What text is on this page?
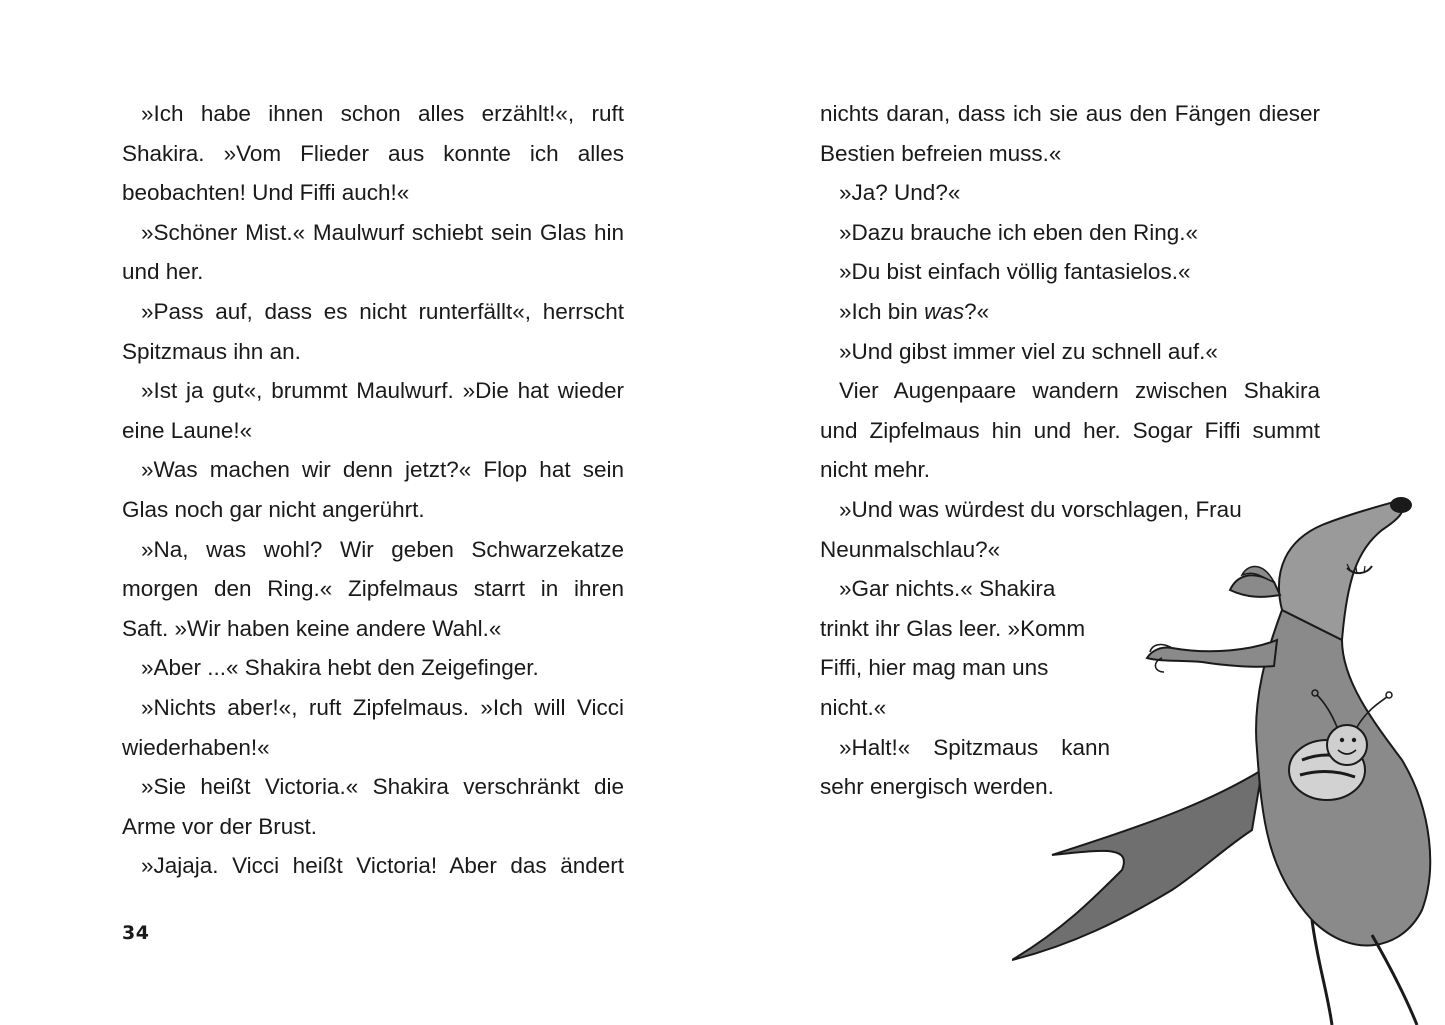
»Ich habe ihnen schon alles erzählt!«, ruft
Shakira. »Vom Flieder aus konnte ich alles
beobachten! Und Fiffi auch!«

»Schöner Mist.« Maulwurf schiebt sein Glas hin
und her.

»Pass auf, dass es nicht runterfällt«, herrscht
Spitzmaus ihn an.

»Ist ja gut«, brummt Maulwurf. »Die hat wieder
eine Laune!«

»Was machen wir denn jetzt?« Flop hat sein
Glas noch gar nicht angerührt.

»Na, was wohl? Wir geben Schwarzekatze
morgen den Ring.« Zipfelmaus starrt in ihren
Saft. »Wir haben keine andere Wahl.«

»Aber ...« Shakira hebt den Zeigefinger.

»Nichts aber!«, ruft Zipfelmaus. »Ich will Vicci
wiederhaben!«

»Sie heißt Victoria.« Shakira verschränkt die
Arme vor der Brust.

»Jajaja. Vicci heißt Victoria! Aber das ändert

34

nichts daran, dass ich sie aus den Fängen dieser
Bestien befreien muss.«

»Ja? Und?«

»Dazu brauche ich eben den Ring.«

»Du bist einfach völlig fantasielos.«

»Ich bin was?«

»Und gibst immer viel zu schnell auf.«

Vier Augenpaare wandern zwischen Shakira
und Zipfelmaus hin und her. Sogar Fiffi summt
nicht mehr.

»Und was würdest du vorschlagen, Frau
Neunmalschlau?«

»Gar nichts.« Shakira
trinkt ihr Glas leer. »Komm
Fiffi, hier mag man uns
nicht.«

»Halt!« Spitzmaus kann
sehr energisch werden.
